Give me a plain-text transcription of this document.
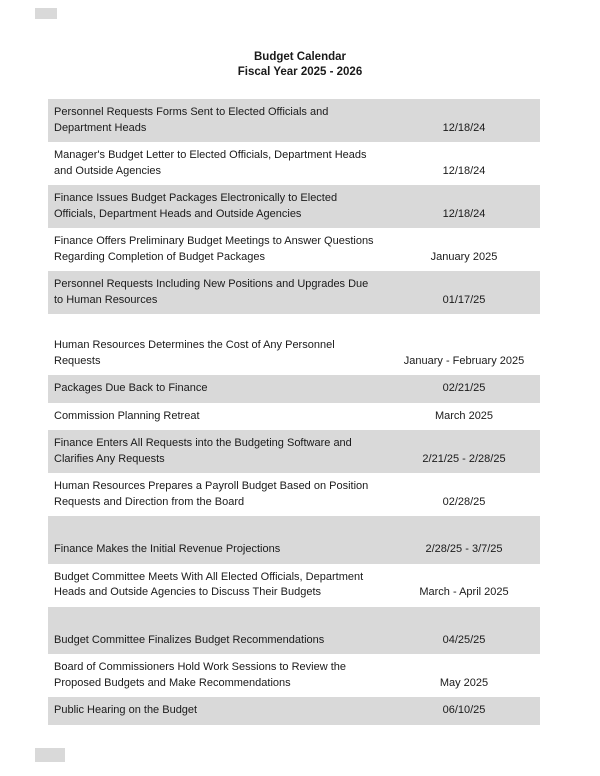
Budget Calendar
Fiscal Year 2025 - 2026
Personnel Requests Forms Sent to Elected Officials and Department Heads	12/18/24
Manager's Budget Letter to Elected Officials, Department Heads and Outside Agencies	12/18/24
Finance Issues Budget Packages Electronically to Elected Officials, Department Heads and Outside Agencies	12/18/24
Finance Offers Preliminary Budget Meetings to Answer Questions Regarding Completion of Budget Packages	January 2025
Personnel Requests Including New Positions and Upgrades Due to Human Resources	01/17/25
Human Resources Determines the Cost of Any Personnel Requests	January - February 2025
Packages Due Back to Finance	02/21/25
Commission Planning Retreat	March 2025
Finance Enters All Requests into the Budgeting Software and Clarifies Any Requests	2/21/25 - 2/28/25
Human Resources Prepares a Payroll Budget Based on Position Requests and Direction from the Board	02/28/25
Finance Makes the Initial Revenue Projections	2/28/25 - 3/7/25
Budget Committee Meets With All Elected Officials, Department Heads and Outside Agencies to Discuss Their Budgets	March - April 2025
Budget Committee Finalizes Budget Recommendations	04/25/25
Board of Commissioners Hold Work Sessions to Review the Proposed Budgets and Make Recommendations	May 2025
Public Hearing on the Budget	06/10/25
